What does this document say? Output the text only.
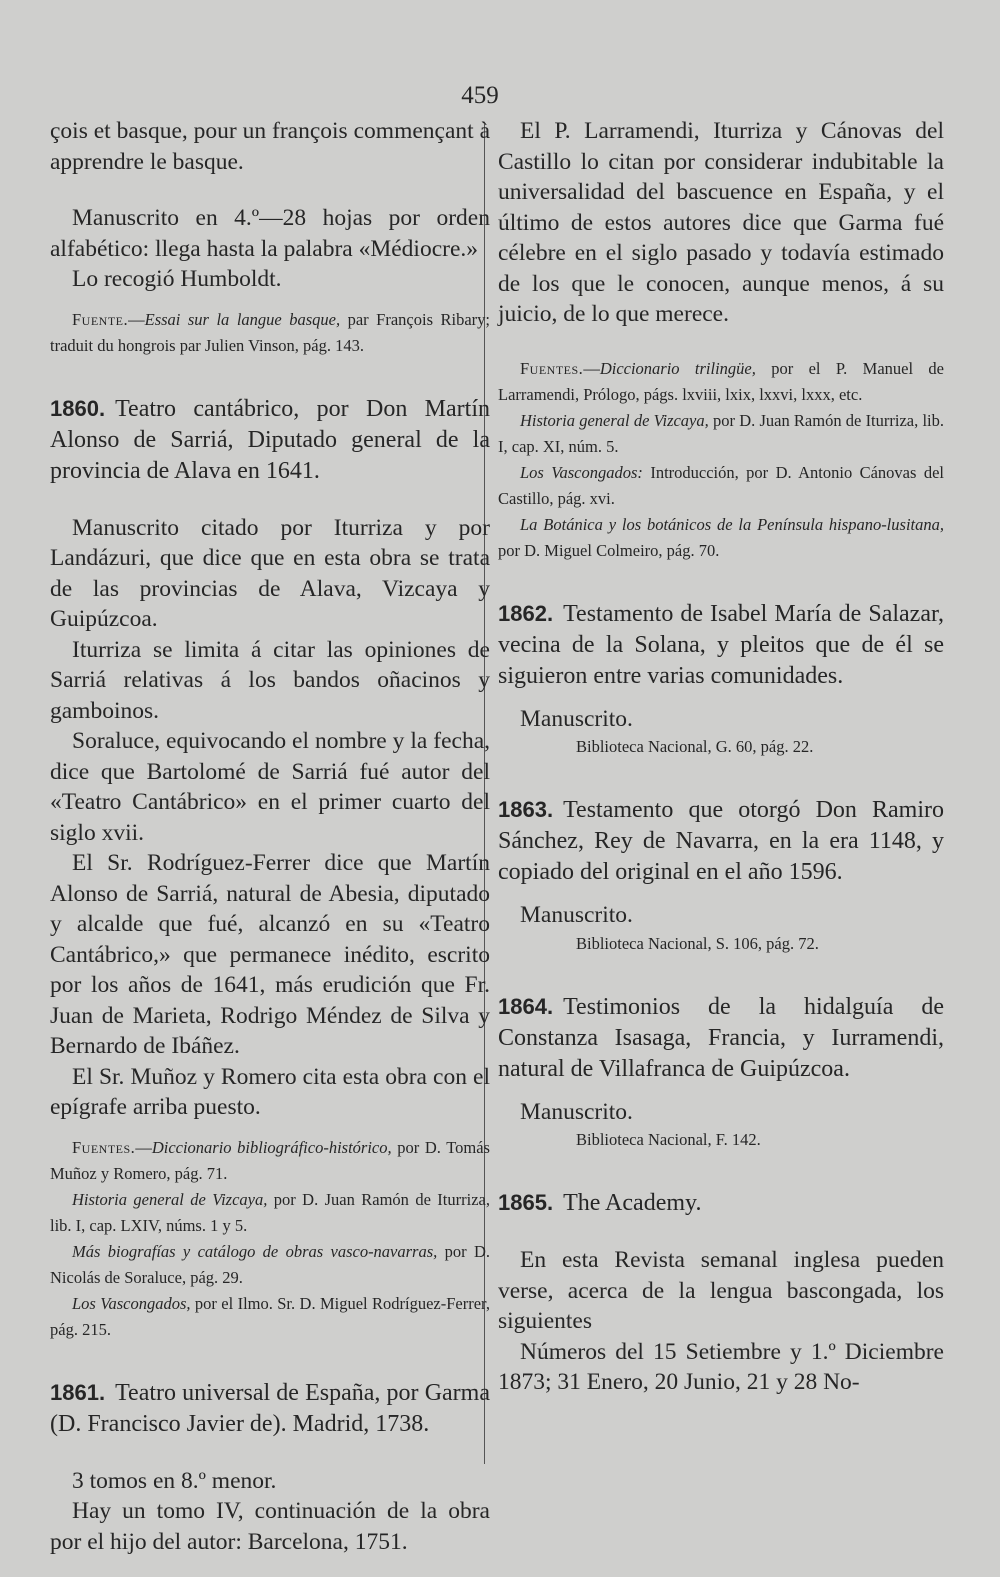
459

çois et basque, pour un françois commençant à apprendre le basque.

Manuscrito en 4.º—28 hojas por orden alfabético: llega hasta la palabra «Médiocre.»

Lo recogió Humboldt.

Fuente.—Essai sur la langue basque, par François Ribary; traduit du hongrois par Julien Vinson, pág. 143.

1860. Teatro cantábrico, por Don Martín Alonso de Sarriá, Diputado general de la provincia de Alava en 1641.

Manuscrito citado por Iturriza y por Landázuri, que dice que en esta obra se trata de las provincias de Alava, Vizcaya y Guipúzcoa.

Iturriza se limita á citar las opiniones de Sarriá relativas á los bandos oñacinos y gamboinos.

Soraluce, equivocando el nombre y la fecha, dice que Bartolomé de Sarriá fué autor del «Teatro Cantábrico» en el primer cuarto del siglo xvii.

El Sr. Rodríguez-Ferrer dice que Martín Alonso de Sarriá, natural de Abesia, diputado y alcalde que fué, alcanzó en su «Teatro Cantábrico,» que permanece inédito, escrito por los años de 1641, más erudición que Fr. Juan de Marieta, Rodrigo Méndez de Silva y Bernardo de Ibáñez.

El Sr. Muñoz y Romero cita esta obra con el epígrafe arriba puesto.

Fuentes.—Diccionario bibliográfico-histórico, por D. Tomás Muñoz y Romero, pág. 71.

Historia general de Vizcaya, por D. Juan Ramón de Iturriza, lib. I, cap. LXIV, núms. 1 y 5.

Más biografías y catálogo de obras vasco-navarras, por D. Nicolás de Soraluce, pág. 29.

Los Vascongados, por el Ilmo. Sr. D. Miguel Rodríguez-Ferrer, pág. 215.

1861. Teatro universal de España, por Garma (D. Francisco Javier de). Madrid, 1738.

3 tomos en 8.º menor.

Hay un tomo IV, continuación de la obra por el hijo del autor: Barcelona, 1751.

El P. Larramendi, Iturriza y Cánovas del Castillo lo citan por considerar indubitable la universalidad del bascuence en España, y el último de estos autores dice que Garma fué célebre en el siglo pasado y todavía estimado de los que le conocen, aunque menos, á su juicio, de lo que merece.

Fuentes.—Diccionario trilingüe, por el P. Manuel de Larramendi, Prólogo, págs. lxviii, lxix, lxxvi, lxxx, etc.

Historia general de Vizcaya, por D. Juan Ramón de Iturriza, lib. I, cap. XI, núm. 5.

Los Vascongados: Introducción, por D. Antonio Cánovas del Castillo, pág. xvi.

La Botánica y los botánicos de la Península hispano-lusitana, por D. Miguel Colmeiro, pág. 70.

1862. Testamento de Isabel María de Salazar, vecina de la Solana, y pleitos que de él se siguieron entre varias comunidades.

Manuscrito.

Biblioteca Nacional, G. 60, pág. 22.

1863. Testamento que otorgó Don Ramiro Sánchez, Rey de Navarra, en la era 1148, y copiado del original en el año 1596.

Manuscrito.

Biblioteca Nacional, S. 106, pág. 72.

1864. Testimonios de la hidalguía de Constanza Isasaga, Francia, y Iurramendi, natural de Villafranca de Guipúzcoa.

Manuscrito.

Biblioteca Nacional, F. 142.

1865. The Academy.

En esta Revista semanal inglesa pueden verse, acerca de la lengua bascongada, los siguientes

Números del 15 Setiembre y 1.º Diciembre 1873; 31 Enero, 20 Junio, 21 y 28 No-
